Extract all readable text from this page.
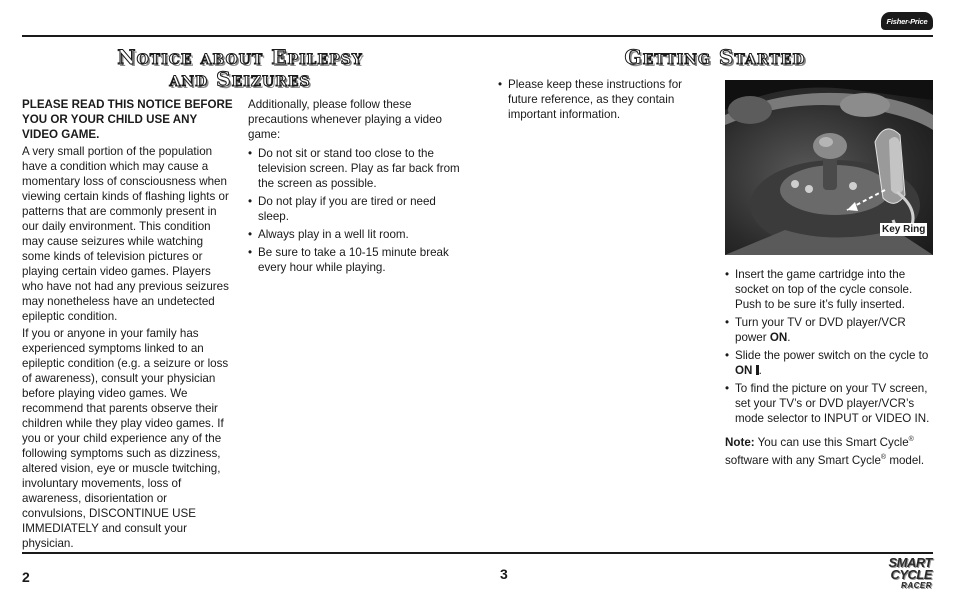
Fisher-Price
Notice about Epilepsy
and Seizures

PLEASE READ THIS NOTICE BEFORE YOU OR YOUR CHILD USE ANY VIDEO GAME.

A very small portion of the population have a condition which may cause a momentary loss of consciousness when viewing certain kinds of flashing lights or patterns that are commonly present in our daily environment. This condition may cause seizures while watching some kinds of television pictures or playing certain video games. Players who have not had any previous seizures may nonetheless have an undetected epileptic condition.

If you or anyone in your family has experienced symptoms linked to an epileptic condition (e.g. a seizure or loss of awareness), consult your physician before playing video games. We recommend that parents observe their children while they play video games. If you or your child experience any of the following symptoms such as dizziness, altered vision, eye or muscle twitching, involuntary movements, loss of awareness, disorientation or convulsions, DISCONTINUE USE IMMEDIATELY and consult your physician.

Additionally, please follow these precautions whenever playing a video game:

• Do not sit or stand too close to the television screen. Play as far back from the screen as possible.
• Do not play if you are tired or need sleep.
• Always play in a well lit room.
• Be sure to take a 10-15 minute break every hour while playing.
Getting Started
• Please keep these instructions for future reference, as they contain important information.
Key Ring
• Insert the game cartridge into the socket on top of the cycle console. Push to be sure it’s fully inserted.
• Turn your TV or DVD player/VCR power ON.
• Slide the power switch on the cycle to ON .
• To find the picture on your TV screen, set your TV’s or DVD player/VCR’s mode selector to INPUT or VIDEO IN.

Note: You can use this Smart Cycle® software with any Smart Cycle® model.

2	3
SMART CYCLE
RACER
